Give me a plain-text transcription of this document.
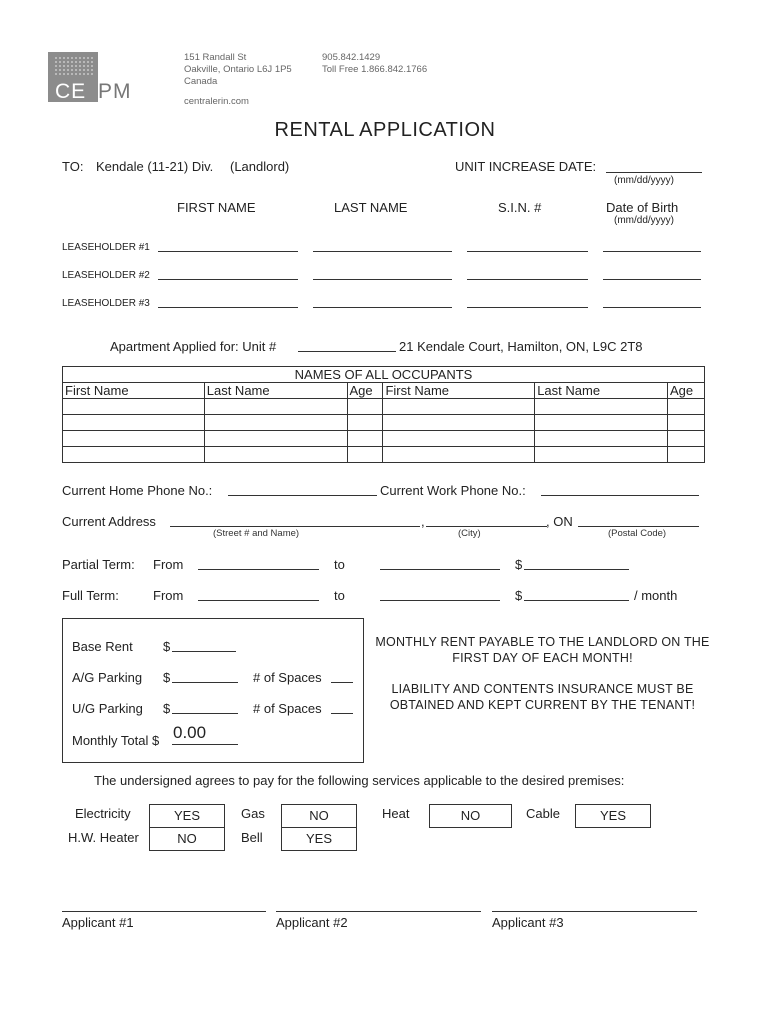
CE PM
151 Randall St
Oakville, Ontario L6J 1P5
Canada
centralerin.com
905.842.1429
Toll Free 1.866.842.1766
RENTAL APPLICATION
TO: Kendale (11-21) Div. (Landlord)	UNIT INCREASE DATE:
(mm/dd/yyyy)
FIRST NAME	LAST NAME	S.I.N. #	Date of Birth
(mm/dd/yyyy)
LEASEHOLDER #1
LEASEHOLDER #2
LEASEHOLDER #3
Apartment Applied for: Unit #	21 Kendale Court, Hamilton, ON, L9C 2T8
NAMES OF ALL OCCUPANTS					
First Name	Last Name	Age	First Name	Last Name	Age

Current Home Phone No.:	Current Work Phone No.:
Current Address	,	, ON
(Street # and Name)	(City)	(Postal Code)
Partial Term: From	to	$
Full Term:	From	to	$	/ month
Base Rent $
A/G Parking $	# of Spaces
U/G Parking $	# of Spaces
Monthly Total $ 0.00
MONTHLY RENT PAYABLE TO THE LANDLORD ON THE FIRST DAY OF EACH MONTH!
LIABILITY AND CONTENTS INSURANCE MUST BE OBTAINED AND KEPT CURRENT BY THE TENANT!
The undersigned agrees to pay for the following services applicable to the desired premises:
Electricity	YES	Gas	NO	Heat	NO	Cable	YES
H.W. Heater	NO	Bell	YES
Applicant #1	Applicant #2	Applicant #3
